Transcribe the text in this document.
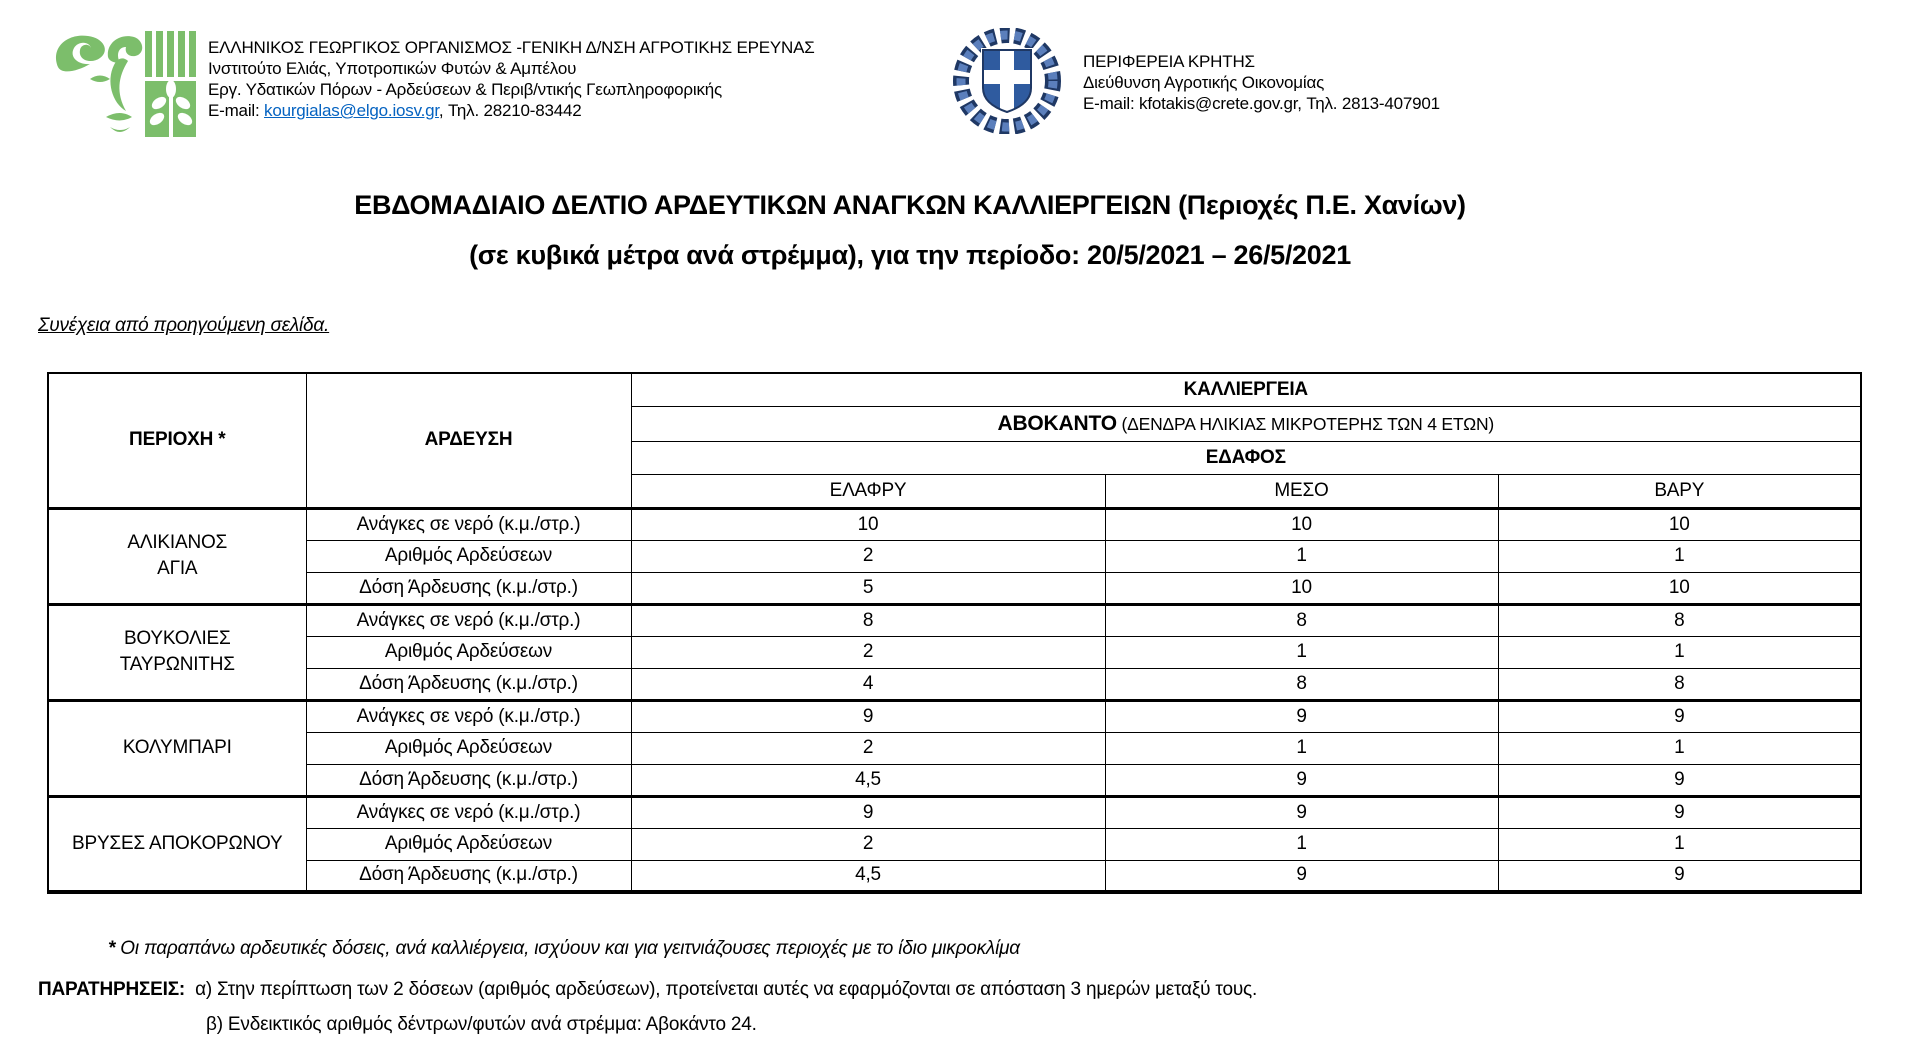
ΕΛΛΗΝΙΚΟΣ ΓΕΩΡΓΙΚΟΣ ΟΡΓΑΝΙΣΜΟΣ -ΓΕΝΙΚΗ Δ/ΝΣΗ ΑΓΡΟΤΙΚΗΣ ΕΡΕΥΝΑΣ
Ινστιτούτο Ελιάς, Υποτροπικών Φυτών & Αμπέλου
Εργ. Υδατικών Πόρων - Αρδεύσεων & Περιβ/ντικής Γεωπληροφορικής
E-mail: kourgialas@elgo.iosv.gr, Τηλ. 28210-83442
ΠΕΡΙΦΕΡΕΙΑ ΚΡΗΤΗΣ
Διεύθυνση Αγροτικής Οικονομίας
E-mail: kfotakis@crete.gov.gr, Τηλ. 2813-407901
ΕΒΔΟΜΑΔΙΑΙΟ ΔΕΛΤΙΟ ΑΡΔΕΥΤΙΚΩΝ ΑΝΑΓΚΩΝ ΚΑΛΛΙΕΡΓΕΙΩΝ (Περιοχές Π.Ε. Χανίων)
(σε κυβικά μέτρα ανά στρέμμα), για την περίοδο: 20/5/2021 – 26/5/2021
Συνέχεια από προηγούμενη σελίδα.
ΠΕΡΙΟΧΗ *	ΑΡΔΕΥΣΗ	ΚΑΛΛΙΕΡΓΕΙΑ		
		ΑΒΟΚΑΝΤΟ (ΔΕΝΔΡΑ ΗΛΙΚΙΑΣ ΜΙΚΡΟΤΕΡΗΣ ΤΩΝ 4 ΕΤΩΝ)		
		ΕΔΑΦΟΣ		
		ΕΛΑΦΡΥ	ΜΕΣΟ	ΒΑΡΥ
ΑΛΙΚΙΑΝΟΣ
ΑΓΙΑ	Ανάγκες σε νερό (κ.μ./στρ.)	10	10	10
	Αριθμός Αρδεύσεων	2	1	1
	Δόση Άρδευσης (κ.μ./στρ.)	5	10	10
ΒΟΥΚΟΛΙΕΣ
ΤΑΥΡΩΝΙΤΗΣ	Ανάγκες σε νερό (κ.μ./στρ.)	8	8	8
	Αριθμός Αρδεύσεων	2	1	1
	Δόση Άρδευσης (κ.μ./στρ.)	4	8	8
ΚΟΛΥΜΠΑΡΙ	Ανάγκες σε νερό (κ.μ./στρ.)	9	9	9
	Αριθμός Αρδεύσεων	2	1	1
	Δόση Άρδευσης (κ.μ./στρ.)	4,5	9	9
ΒΡΥΣΕΣ ΑΠΟΚΟΡΩΝΟΥ	Ανάγκες σε νερό (κ.μ./στρ.)	9	9	9
	Αριθμός Αρδεύσεων	2	1	1
	Δόση Άρδευσης (κ.μ./στρ.)	4,5	9	9
* Οι παραπάνω αρδευτικές δόσεις, ανά καλλιέργεια, ισχύουν και για γειτνιάζουσες περιοχές με το ίδιο μικροκλίμα
ΠΑΡΑΤΗΡΗΣΕΙΣ: α) Στην περίπτωση των 2 δόσεων (αριθμός αρδεύσεων), προτείνεται αυτές να εφαρμόζονται σε απόσταση 3 ημερών μεταξύ τους.
β) Ενδεικτικός αριθμός δέντρων/φυτών ανά στρέμμα: Αβοκάντο 24.
